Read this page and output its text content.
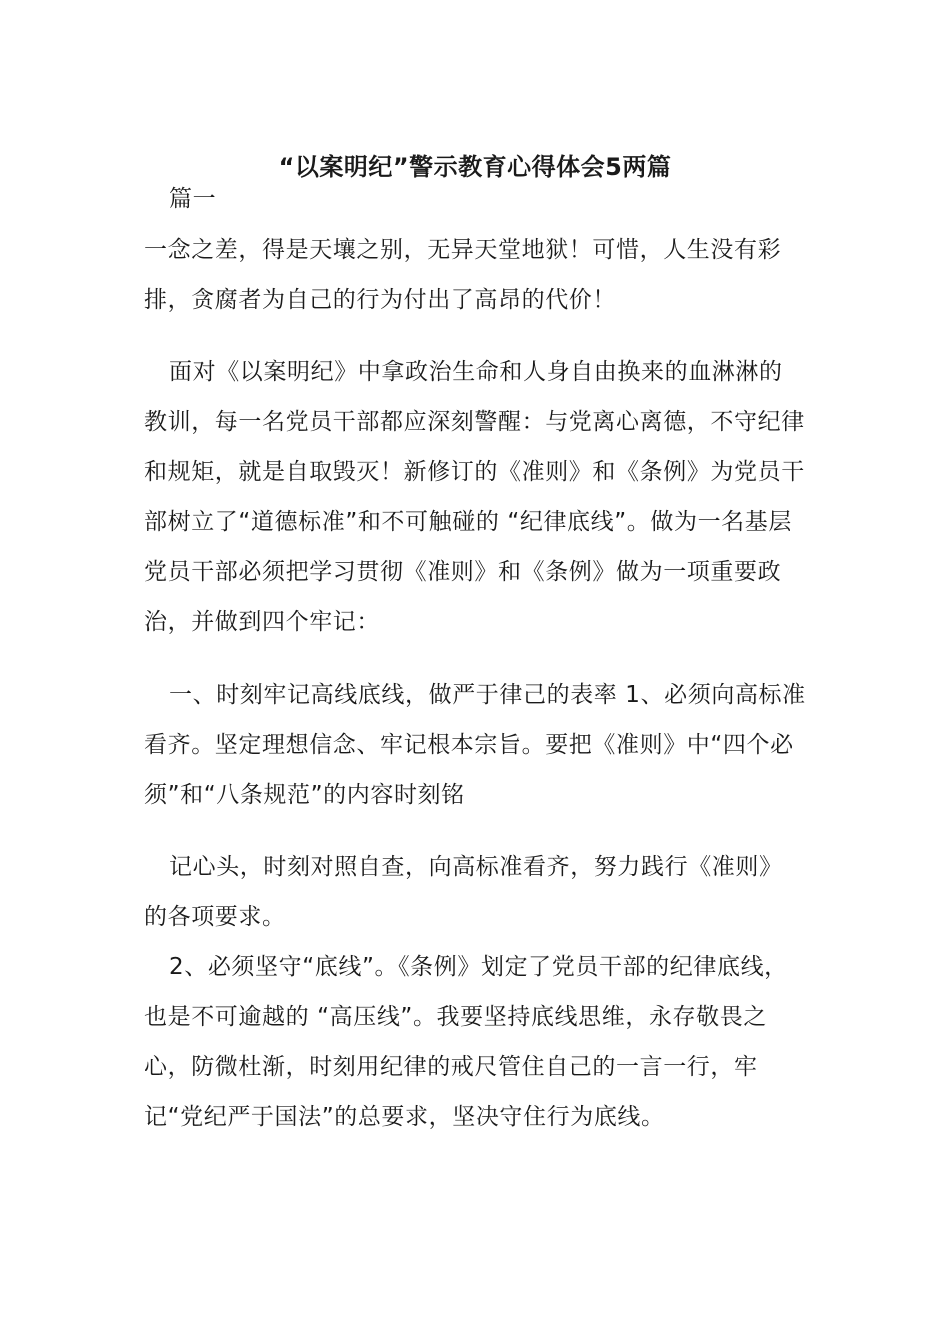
“以案明纪”警示教育心得体会5两篇

篇一

一念之差，得是天壤之别，无异天堂地狱！可惜，人生没有彩排，贪腐者为自己的行为付出了高昂的代价！

面对《以案明纪》中拿政治生命和人身自由换来的血淋淋的教训，每一名党员干部都应深刻警醒：与党离心离德，不守纪律和规矩，就是自取毁灭！新修订的《准则》和《条例》为党员干部树立了“道德标准”和不可触碰的 “纪律底线”。做为一名基层党员干部必须把学习贯彻《准则》和《条例》做为一项重要政治，并做到四个牢记：

一、时刻牢记高线底线，做严于律己的表率 1、必须向高标准看齐。坚定理想信念、牢记根本宗旨。要把《准则》中“四个必须”和“八条规范”的内容时刻铭

记心头，时刻对照自查，向高标准看齐，努力践行《准则》的各项要求。

2、必须坚守“底线”。《条例》划定了党员干部的纪律底线，也是不可逾越的 “高压线”。我要坚持底线思维，永存敬畏之心，防微杜渐，时刻用纪律的戒尺管住自己的一言一行，牢记“党纪严于国法”的总要求，坚决守住行为底线。
